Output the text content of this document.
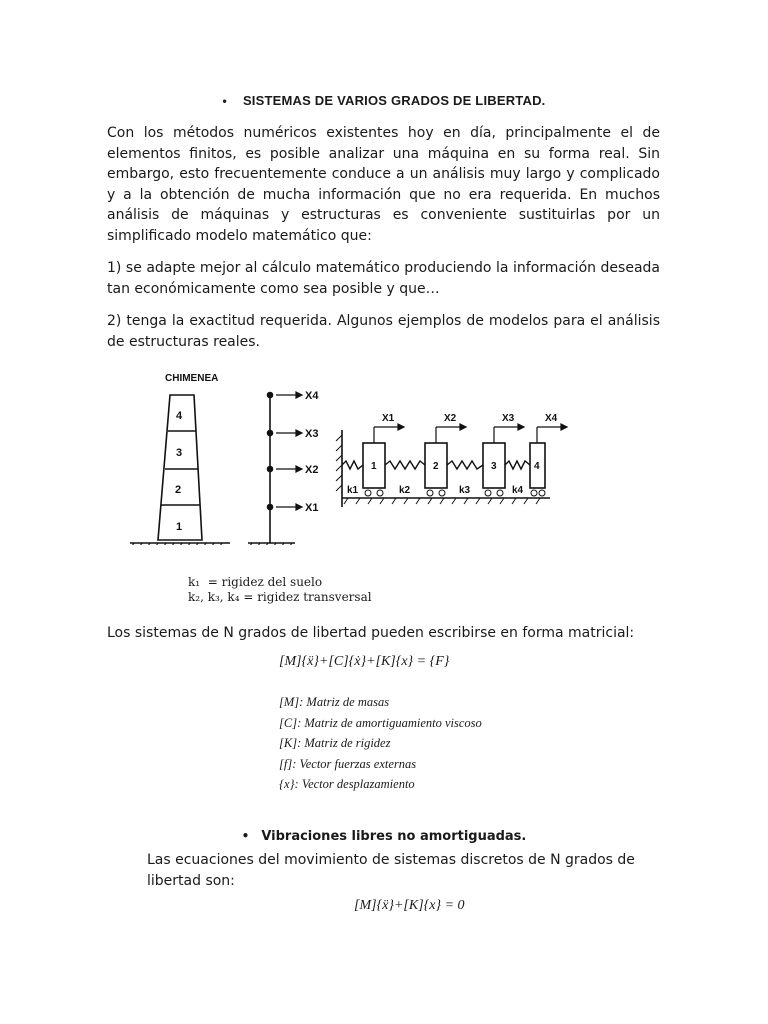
• SISTEMAS DE VARIOS GRADOS DE LIBERTAD.
Con los métodos numéricos existentes hoy en día, principalmente el de elementos finitos, es posible analizar una máquina en su forma real. Sin embargo, esto frecuentemente conduce a un análisis muy largo y complicado y a la obtención de mucha información que no era requerida. En muchos análisis de máquinas y estructuras es conveniente sustituirlas por un simplificado modelo matemático que:
1) se adapte mejor al cálculo matemático produciendo la información deseada tan económicamente como sea posible y que…
2) tenga la exactitud requerida. Algunos ejemplos de modelos para el análisis de estructuras reales.
CHIMENEA
4
3
2
1
X4
X3
X2
X1
X1	X2	X3	X4
1	2	3	4
k1	k2	k3	k4
k₁  = rigidez del suelo
k₂, k₃, k₄ = rigidez transversal
Los sistemas de N grados de libertad pueden escribirse en forma matricial:
[M]{ẍ}+[C]{ẋ}+[K]{x} = {F}
[M]: Matriz de masas
[C]: Matriz de amortiguamiento viscoso
[K]: Matriz de rigidez
[f]: Vector fuerzas externas
{x}: Vector desplazamiento
• Vibraciones libres no amortiguadas.
Las ecuaciones del movimiento de sistemas discretos de N grados de libertad son:
[M]{ẍ}+[K]{x} = 0
